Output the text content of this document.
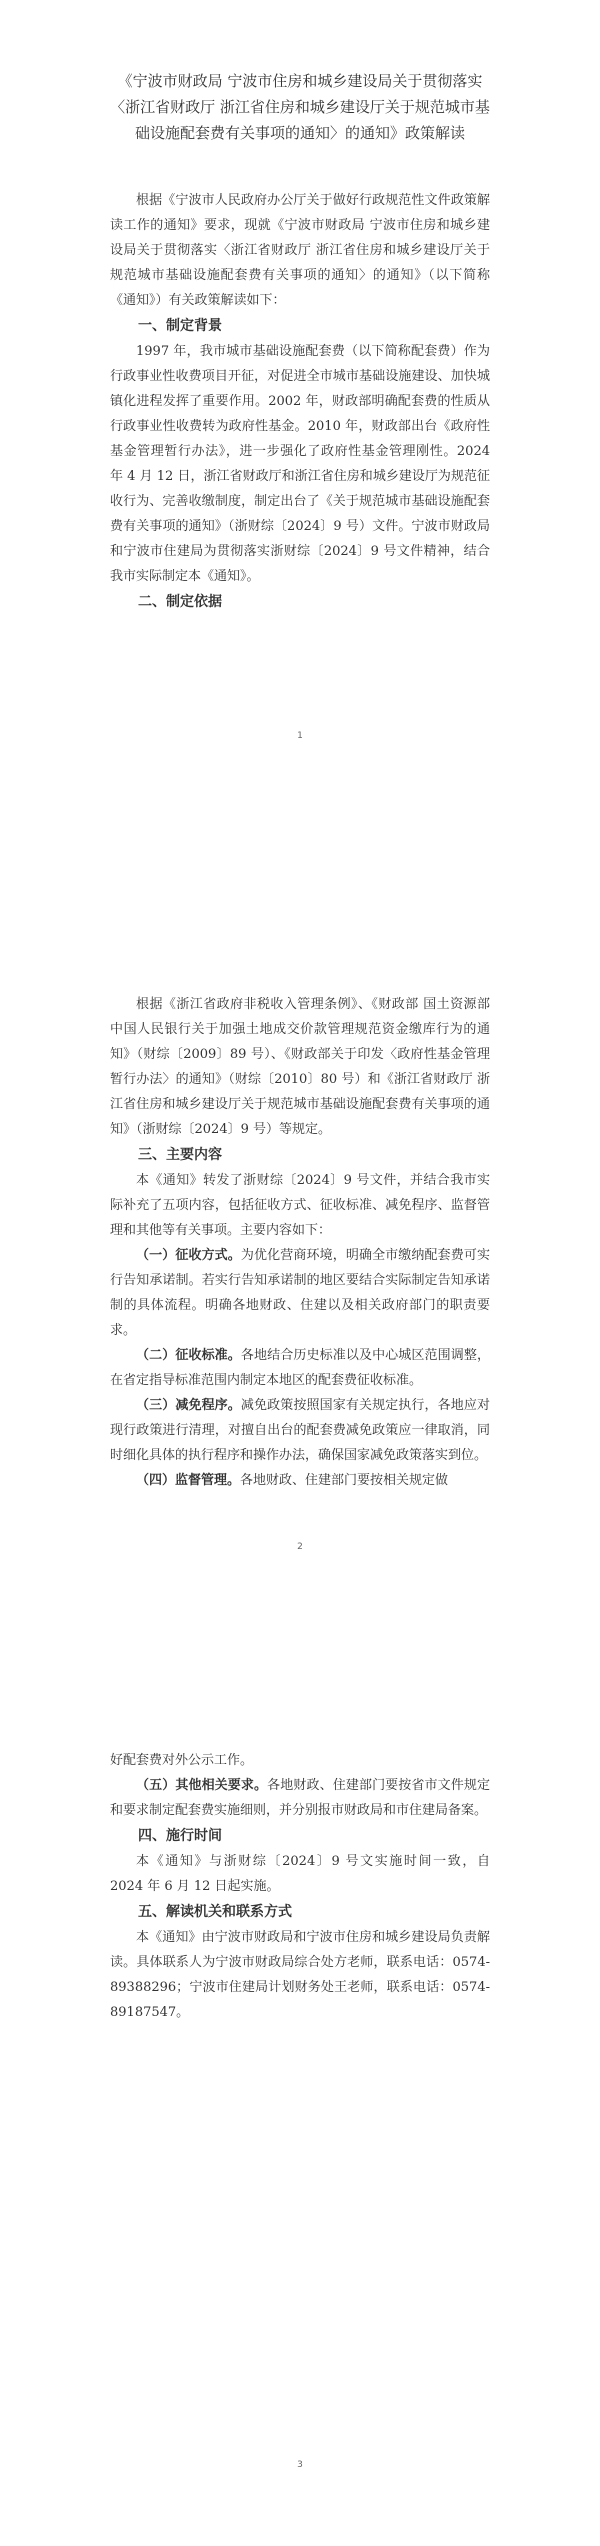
《宁波市财政局 宁波市住房和城乡建设局关于贯彻落实〈浙江省财政厅 浙江省住房和城乡建设厅关于规范城市基础设施配套费有关事项的通知〉的通知》政策解读

根据《宁波市人民政府办公厅关于做好行政规范性文件政策解读工作的通知》要求，现就《宁波市财政局 宁波市住房和城乡建设局关于贯彻落实〈浙江省财政厅 浙江省住房和城乡建设厅关于规范城市基础设施配套费有关事项的通知〉的通知》（以下简称《通知》）有关政策解读如下：

一、制定背景

1997 年，我市城市基础设施配套费（以下简称配套费）作为行政事业性收费项目开征，对促进全市城市基础设施建设、加快城镇化进程发挥了重要作用。2002 年，财政部明确配套费的性质从行政事业性收费转为政府性基金。2010 年，财政部出台《政府性基金管理暂行办法》，进一步强化了政府性基金管理刚性。2024 年 4 月 12 日，浙江省财政厅和浙江省住房和城乡建设厅为规范征收行为、完善收缴制度，制定出台了《关于规范城市基础设施配套费有关事项的通知》（浙财综〔2024〕9 号）文件。宁波市财政局和宁波市住建局为贯彻落实浙财综〔2024〕9 号文件精神，结合我市实际制定本《通知》。

二、制定依据
1

根据《浙江省政府非税收入管理条例》、《财政部 国土资源部 中国人民银行关于加强土地成交价款管理规范资金缴库行为的通知》（财综〔2009〕89 号）、《财政部关于印发〈政府性基金管理暂行办法〉的通知》（财综〔2010〕80 号）和《浙江省财政厅 浙江省住房和城乡建设厅关于规范城市基础设施配套费有关事项的通知》（浙财综〔2024〕9 号）等规定。

三、主要内容

本《通知》转发了浙财综〔2024〕9 号文件，并结合我市实际补充了五项内容，包括征收方式、征收标准、减免程序、监督管理和其他等有关事项。主要内容如下：

（一）征收方式。为优化营商环境，明确全市缴纳配套费可实行告知承诺制。若实行告知承诺制的地区要结合实际制定告知承诺制的具体流程。明确各地财政、住建以及相关政府部门的职责要求。

（二）征收标准。各地结合历史标准以及中心城区范围调整，在省定指导标准范围内制定本地区的配套费征收标准。

（三）减免程序。减免政策按照国家有关规定执行，各地应对现行政策进行清理，对擅自出台的配套费减免政策应一律取消，同时细化具体的执行程序和操作办法，确保国家减免政策落实到位。

（四）监督管理。各地财政、住建部门要按相关规定做

2

好配套费对外公示工作。

（五）其他相关要求。各地财政、住建部门要按省市文件规定和要求制定配套费实施细则，并分别报市财政局和市住建局备案。

四、施行时间

本《通知》与浙财综〔2024〕9 号文实施时间一致，自 2024 年 6 月 12 日起实施。

五、解读机关和联系方式

本《通知》由宁波市财政局和宁波市住房和城乡建设局负责解读。具体联系人为宁波市财政局综合处方老师，联系电话：0574-89388296；宁波市住建局计划财务处王老师，联系电话：0574-89187547。

3
